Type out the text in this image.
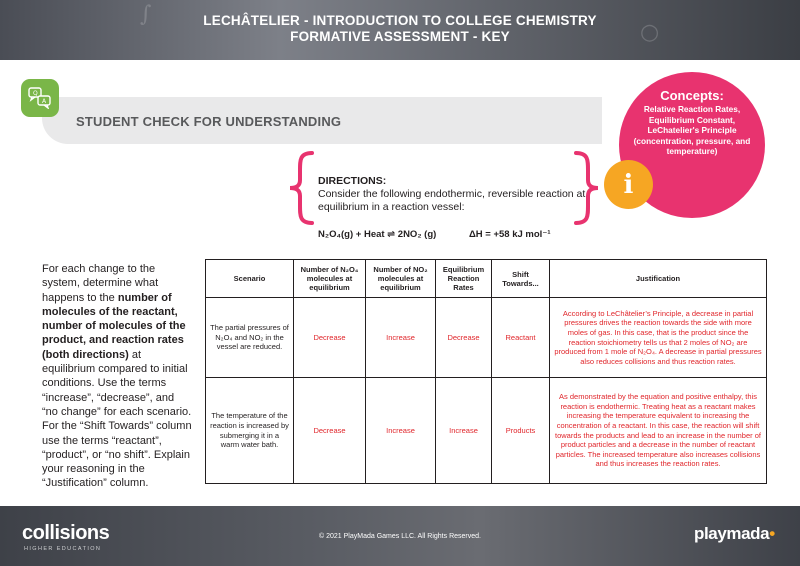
∫
○
LECHÂTELIER - INTRODUCTION TO COLLEGE CHEMISTRY
FORMATIVE ASSESSMENT - KEY
Q
A
STUDENT CHECK FOR UNDERSTANDING
Concepts:
Relative Reaction Rates, Equilibrium Constant, LeChatelier's Principle (concentration, pressure, and temperature)
i
DIRECTIONS:
Consider the following endothermic, reversible reaction at equilibrium in a reaction vessel:
N₂O₄(g) + Heat ⇌ 2NO₂ (g)	ΔH = +58 kJ mol⁻¹
For each change to the system, determine what happens to the number of molecules of the reactant, number of molecules of the product, and reaction rates (both directions) at equilibrium compared to initial conditions. Use the terms “increase”, “decrease”, and “no change” for each scenario. For the “Shift Towards” column use the terms “reactant”, “product”, or “no shift”. Explain your reasoning in the “Justification” column.
Scenario	Number of N₂O₄ molecules at equilibrium	Number of NO₂ molecules at equilibrium	Equilibrium Reaction Rates	Shift Towards...	Justification
The partial pressures of N₂O₄ and NO₂ in the vessel are reduced.	Decrease	Increase	Decrease	Reactant	According to LeChâtelier’s Principle, a decrease in partial pressures drives the reaction towards the side with more moles of gas. In this case, that is the product since the reaction stoichiometry tells us that 2 moles of NO₂ are produced from 1 mole of N₂O₄. A decrease in partial pressures also reduces collisions and thus reaction rates.
The temperature of the reaction is increased by submerging it in a warm water bath.	Decrease	Increase	Increase	Products	As demonstrated by the equation and positive enthalpy, this reaction is endothermic. Treating heat as a reactant makes increasing the temperature equivalent to increasing the concentration of a reactant. In this case, the reaction will shift towards the products and lead to an increase in the number of product particles and a decrease in the number of reactant particles. The increased temperature also increases collisions and thus increases the reaction rates.
collisions
HIGHER EDUCATION
© 2021 PlayMada Games LLC. All Rights Reserved.	playmada•
